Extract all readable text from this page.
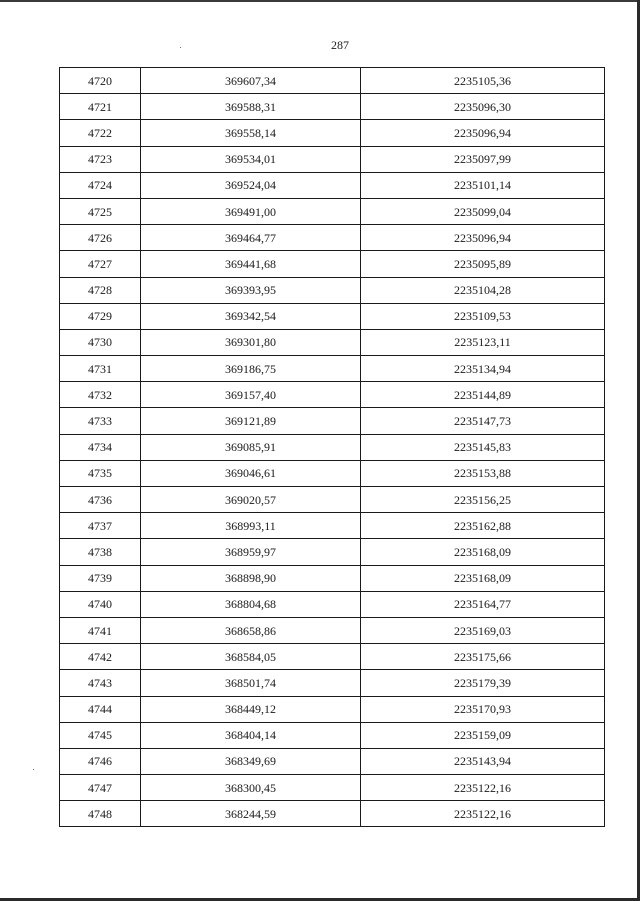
287
4720	369607,34	2235105,36
4721	369588,31	2235096,30
4722	369558,14	2235096,94
4723	369534,01	2235097,99
4724	369524,04	2235101,14
4725	369491,00	2235099,04
4726	369464,77	2235096,94
4727	369441,68	2235095,89
4728	369393,95	2235104,28
4729	369342,54	2235109,53
4730	369301,80	2235123,11
4731	369186,75	2235134,94
4732	369157,40	2235144,89
4733	369121,89	2235147,73
4734	369085,91	2235145,83
4735	369046,61	2235153,88
4736	369020,57	2235156,25
4737	368993,11	2235162,88
4738	368959,97	2235168,09
4739	368898,90	2235168,09
4740	368804,68	2235164,77
4741	368658,86	2235169,03
4742	368584,05	2235175,66
4743	368501,74	2235179,39
4744	368449,12	2235170,93
4745	368404,14	2235159,09
4746	368349,69	2235143,94
4747	368300,45	2235122,16
4748	368244,59	2235122,16
